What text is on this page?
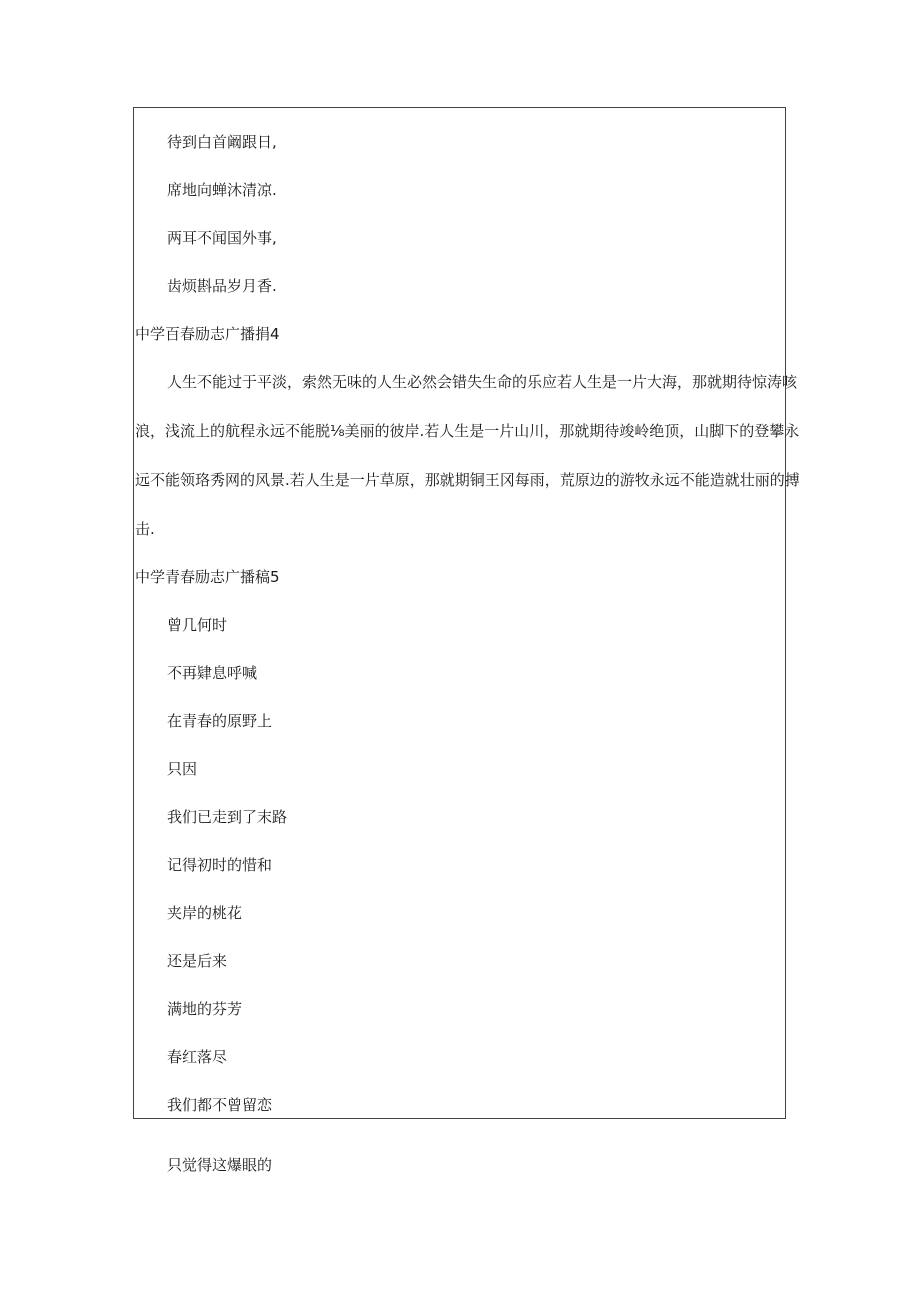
待到白首阚跟日,

席地向蝉沐清凉.

两耳不闻国外事,

齿烦斟品岁月香.

中学百春励志广播捐4

人生不能过于平淡，索然无味的人生必然会错失生命的乐应若人生是一片大海，那就期待惊涛咳

浪，浅流上的航程永远不能脱⅛美丽的彼岸.若人生是一片山川，那就期待竣岭绝顶，山脚下的登攀永

远不能领珞秀网的风景.若人生是一片草原，那就期铜王冈每雨，荒原边的游牧永远不能造就壮丽的搏

击.

中学青春励志广播稿5

曾几何时

不再肄息呼喊

在青春的原野上

只因

我们已走到了末路

记得初时的惜和

夹岸的桃花

还是后来

满地的芬芳

春红落尽

我们都不曾留恋

只觉得这爆眼的
